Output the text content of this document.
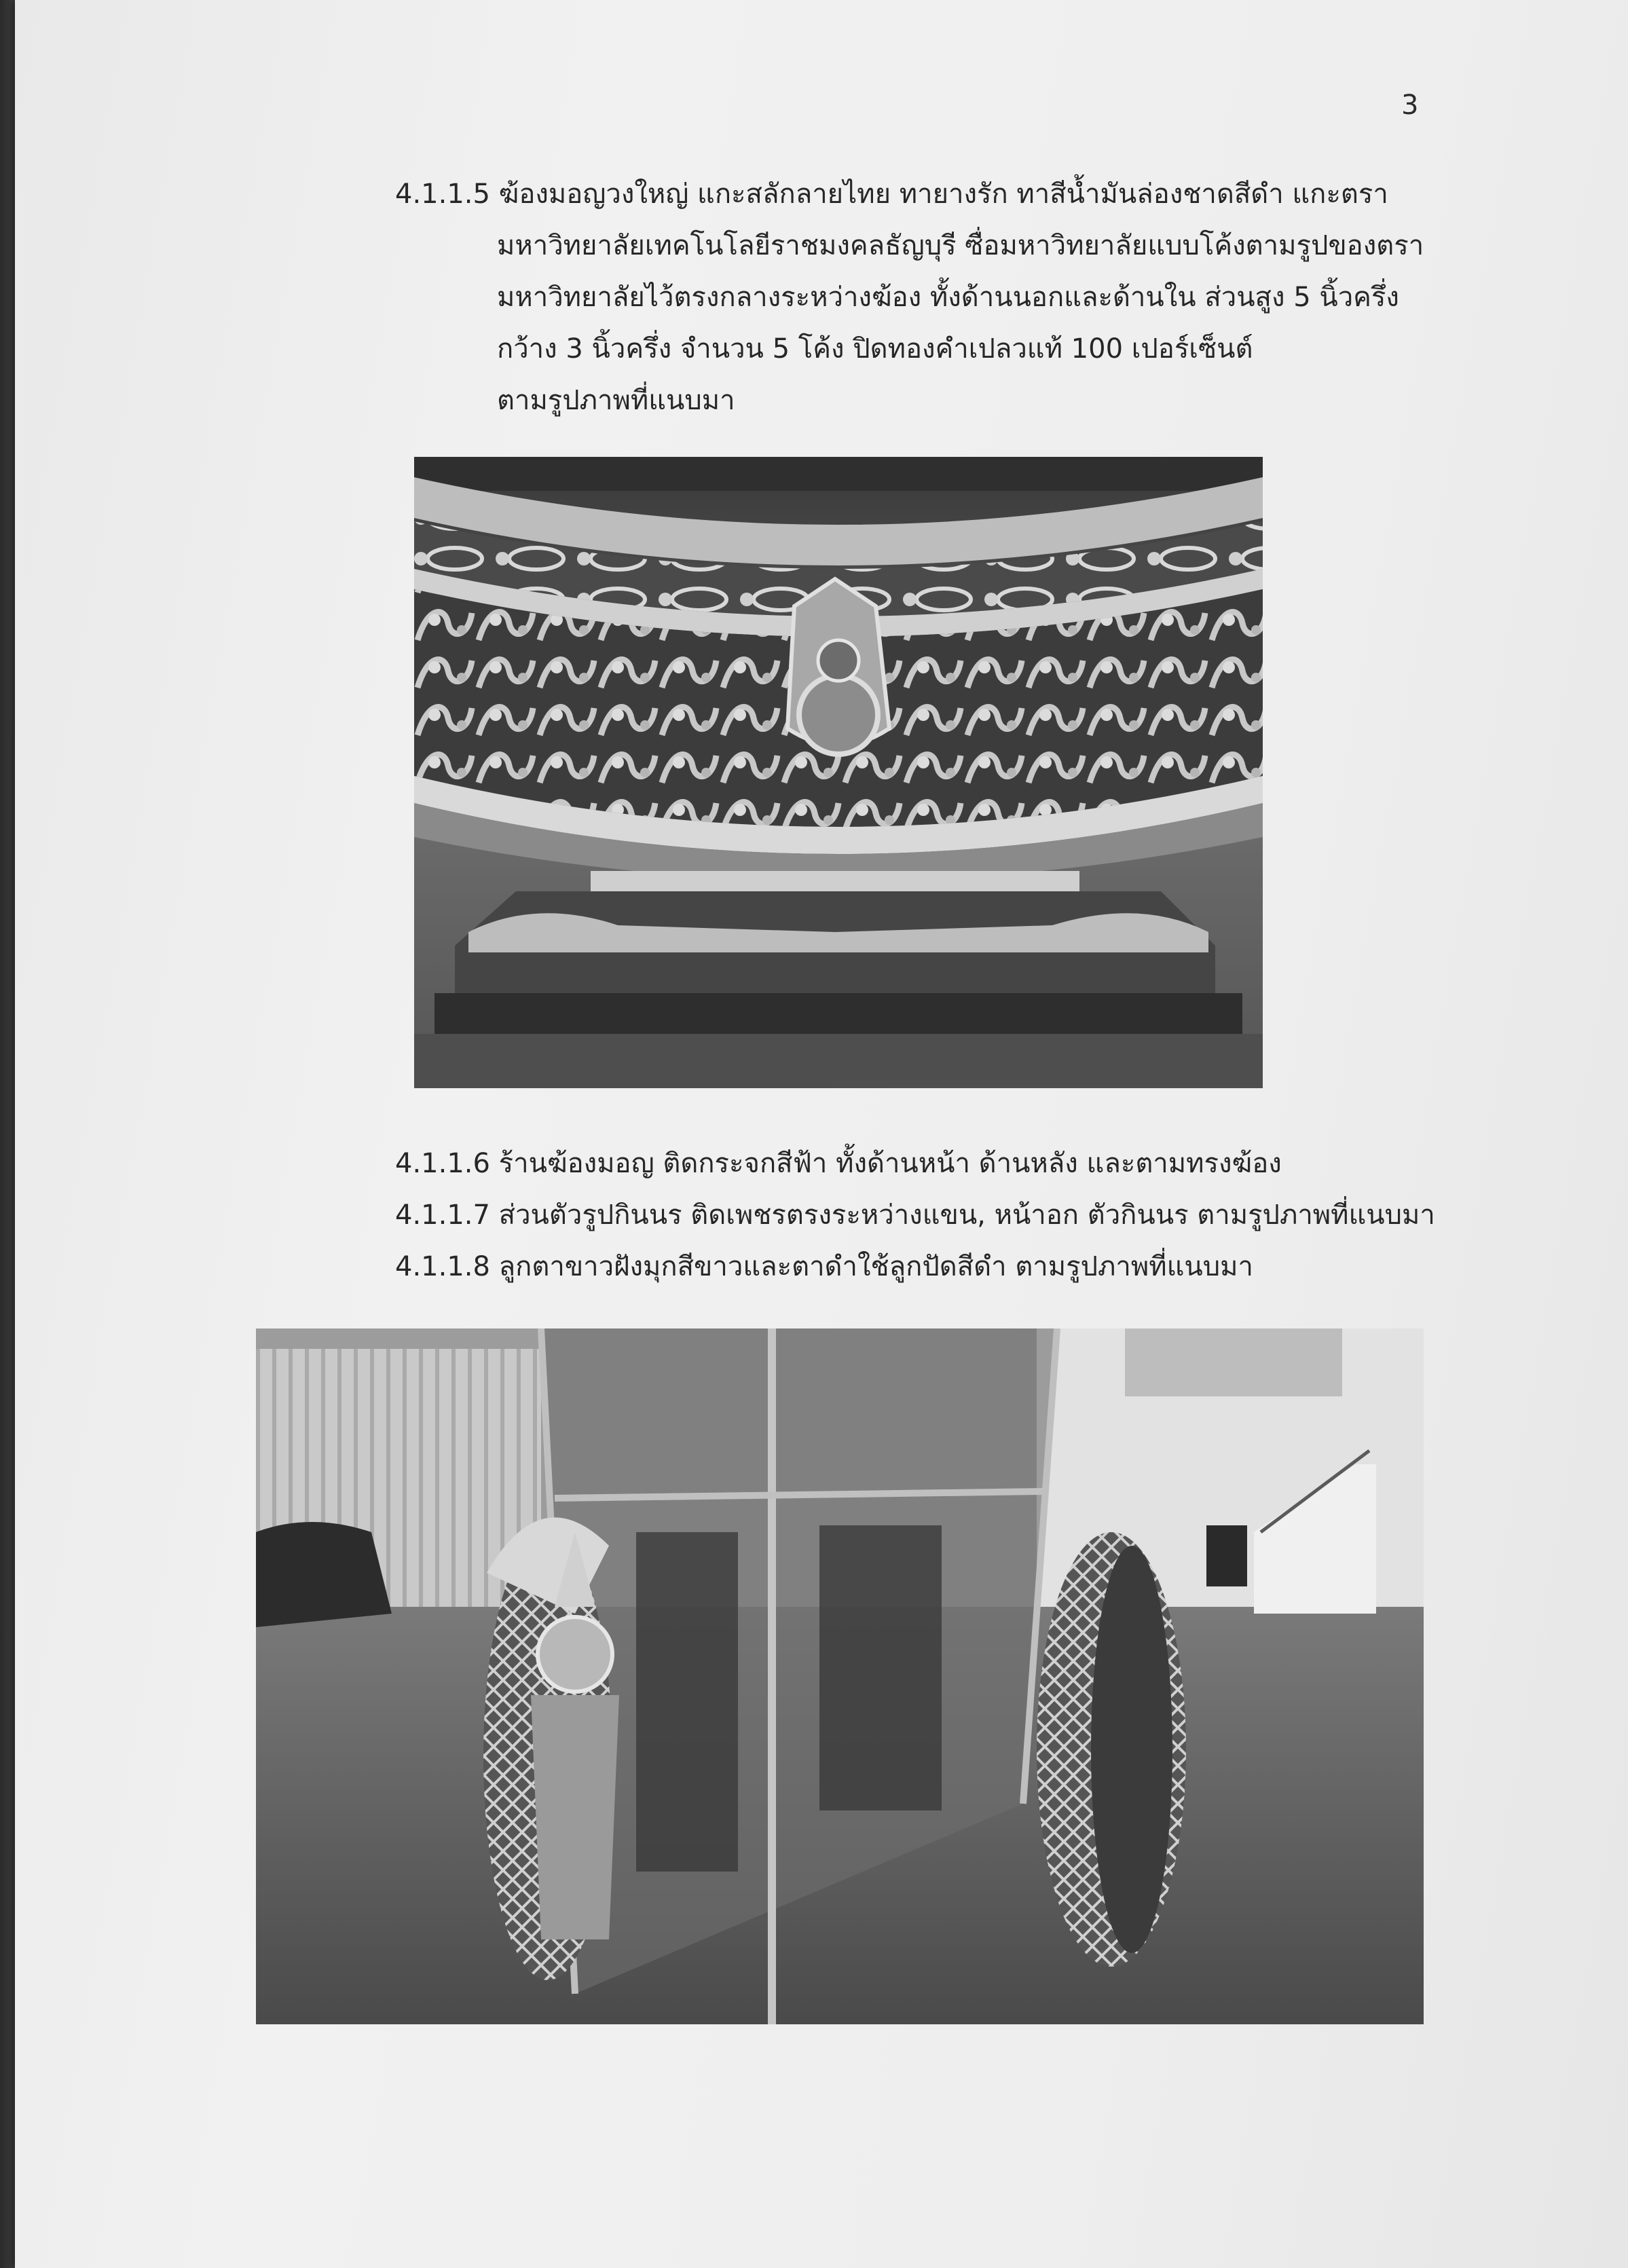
3
4.1.1.5 ฆ้องมอญวงใหญ่ แกะสลักลายไทย ทายางรัก ทาสีน้ำมันล่องชาดสีดำ แกะตรา
มหาวิทยาลัยเทคโนโลยีราชมงคลธัญบุรี ซื่อมหาวิทยาลัยแบบโค้งตามรูปของตรา
มหาวิทยาลัยไว้ตรงกลางระหว่างฆ้อง ทั้งด้านนอกและด้านใน ส่วนสูง 5 นิ้วครึ่ง
กว้าง 3 นิ้วครึ่ง จำนวน 5 โค้ง ปิดทองคำเปลวแท้ 100 เปอร์เซ็นต์
ตามรูปภาพที่แนบมา
4.1.1.6 ร้านฆ้องมอญ ติดกระจกสีฟ้า ทั้งด้านหน้า ด้านหลัง และตามทรงฆ้อง
4.1.1.7 ส่วนตัวรูปกินนร ติดเพชรตรงระหว่างแขน, หน้าอก ตัวกินนร ตามรูปภาพที่แนบมา
4.1.1.8 ลูกตาขาวฝังมุกสีขาวและตาดำใช้ลูกปัดสีดำ ตามรูปภาพที่แนบมา
